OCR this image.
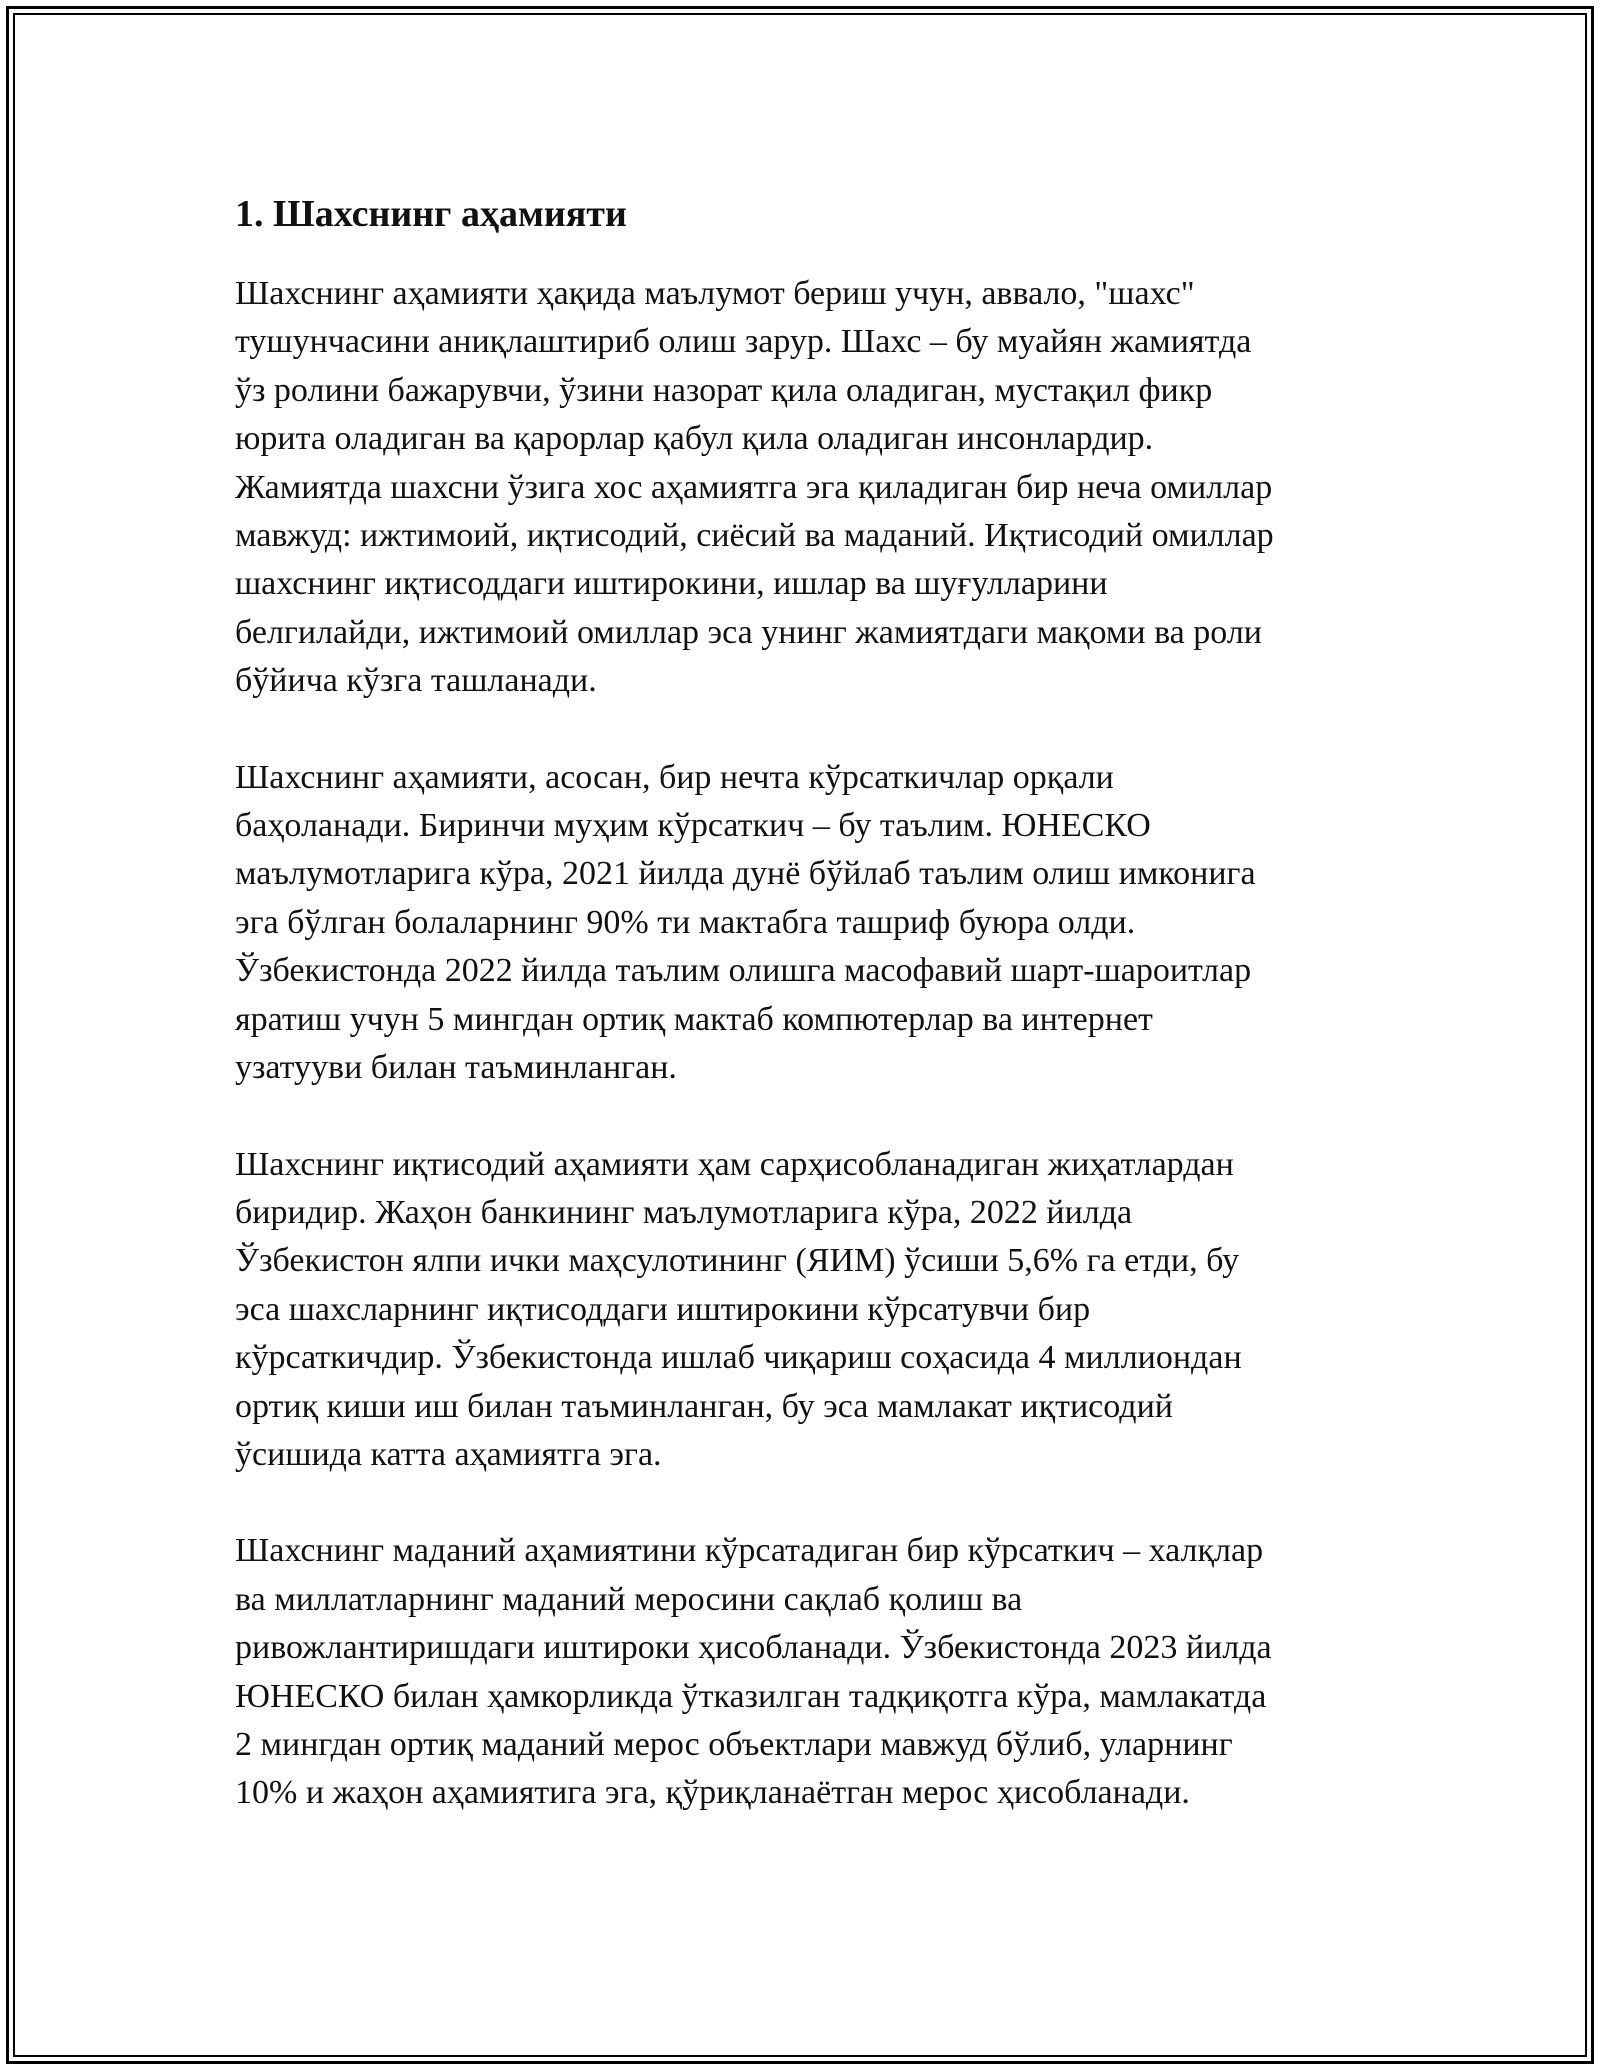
1. Шахснинг аҳамияти

Шахснинг аҳамияти ҳақида маълумот бериш учун, аввало, "шахс"
тушунчасини аниқлаштириб олиш зарур. Шахс – бу муайян жамиятда
ўз ролини бажарувчи, ўзини назорат қила оладиган, мустақил фикр
юрита оладиган ва қарорлар қабул қила оладиган инсонлардир.
Жамиятда шахсни ўзига хос аҳамиятга эга қиладиган бир неча омиллар
мавжуд: ижтимоий, иқтисодий, сиёсий ва маданий. Иқтисодий омиллар
шахснинг иқтисоддаги иштирокини, ишлар ва шуғулларини
белгилайди, ижтимоий омиллар эса унинг жамиятдаги мақоми ва роли
бўйича кўзга ташланади.

Шахснинг аҳамияти, асосан, бир нечта кўрсаткичлар орқали
баҳоланади. Биринчи муҳим кўрсаткич – бу таълим. ЮНЕСКО
маълумотларига кўра, 2021 йилда дунё бўйлаб таълим олиш имконига
эга бўлган болаларнинг 90% ти мактабга ташриф буюра олди.
Ўзбекистонда 2022 йилда таълим олишга масофавий шарт-шароитлар
яратиш учун 5 мингдан ортиқ мактаб компютерлар ва интернет
узатууви билан таъминланган.

Шахснинг иқтисодий аҳамияти ҳам сарҳисобланадиган жиҳатлардан
биридир. Жаҳон банкининг маълумотларига кўра, 2022 йилда
Ўзбекистон ялпи ички маҳсулотининг (ЯИМ) ўсиши 5,6% га етди, бу
эса шахсларнинг иқтисоддаги иштирокини кўрсатувчи бир
кўрсаткичдир. Ўзбекистонда ишлаб чиқариш соҳасида 4 миллиондан
ортиқ киши иш билан таъминланган, бу эса мамлакат иқтисодий
ўсишида катта аҳамиятга эга.

Шахснинг маданий аҳамиятини кўрсатадиган бир кўрсаткич – халқлар
ва миллатларнинг маданий меросини сақлаб қолиш ва
ривожлантиришдаги иштироки ҳисобланади. Ўзбекистонда 2023 йилда
ЮНЕСКО билан ҳамкорликда ўтказилган тадқиқотга кўра, мамлакатда
2 мингдан ортиқ маданий мерос объектлари мавжуд бўлиб, уларнинг
10% и жаҳон аҳамиятига эга, қўриқланаётган мерос ҳисобланади.
